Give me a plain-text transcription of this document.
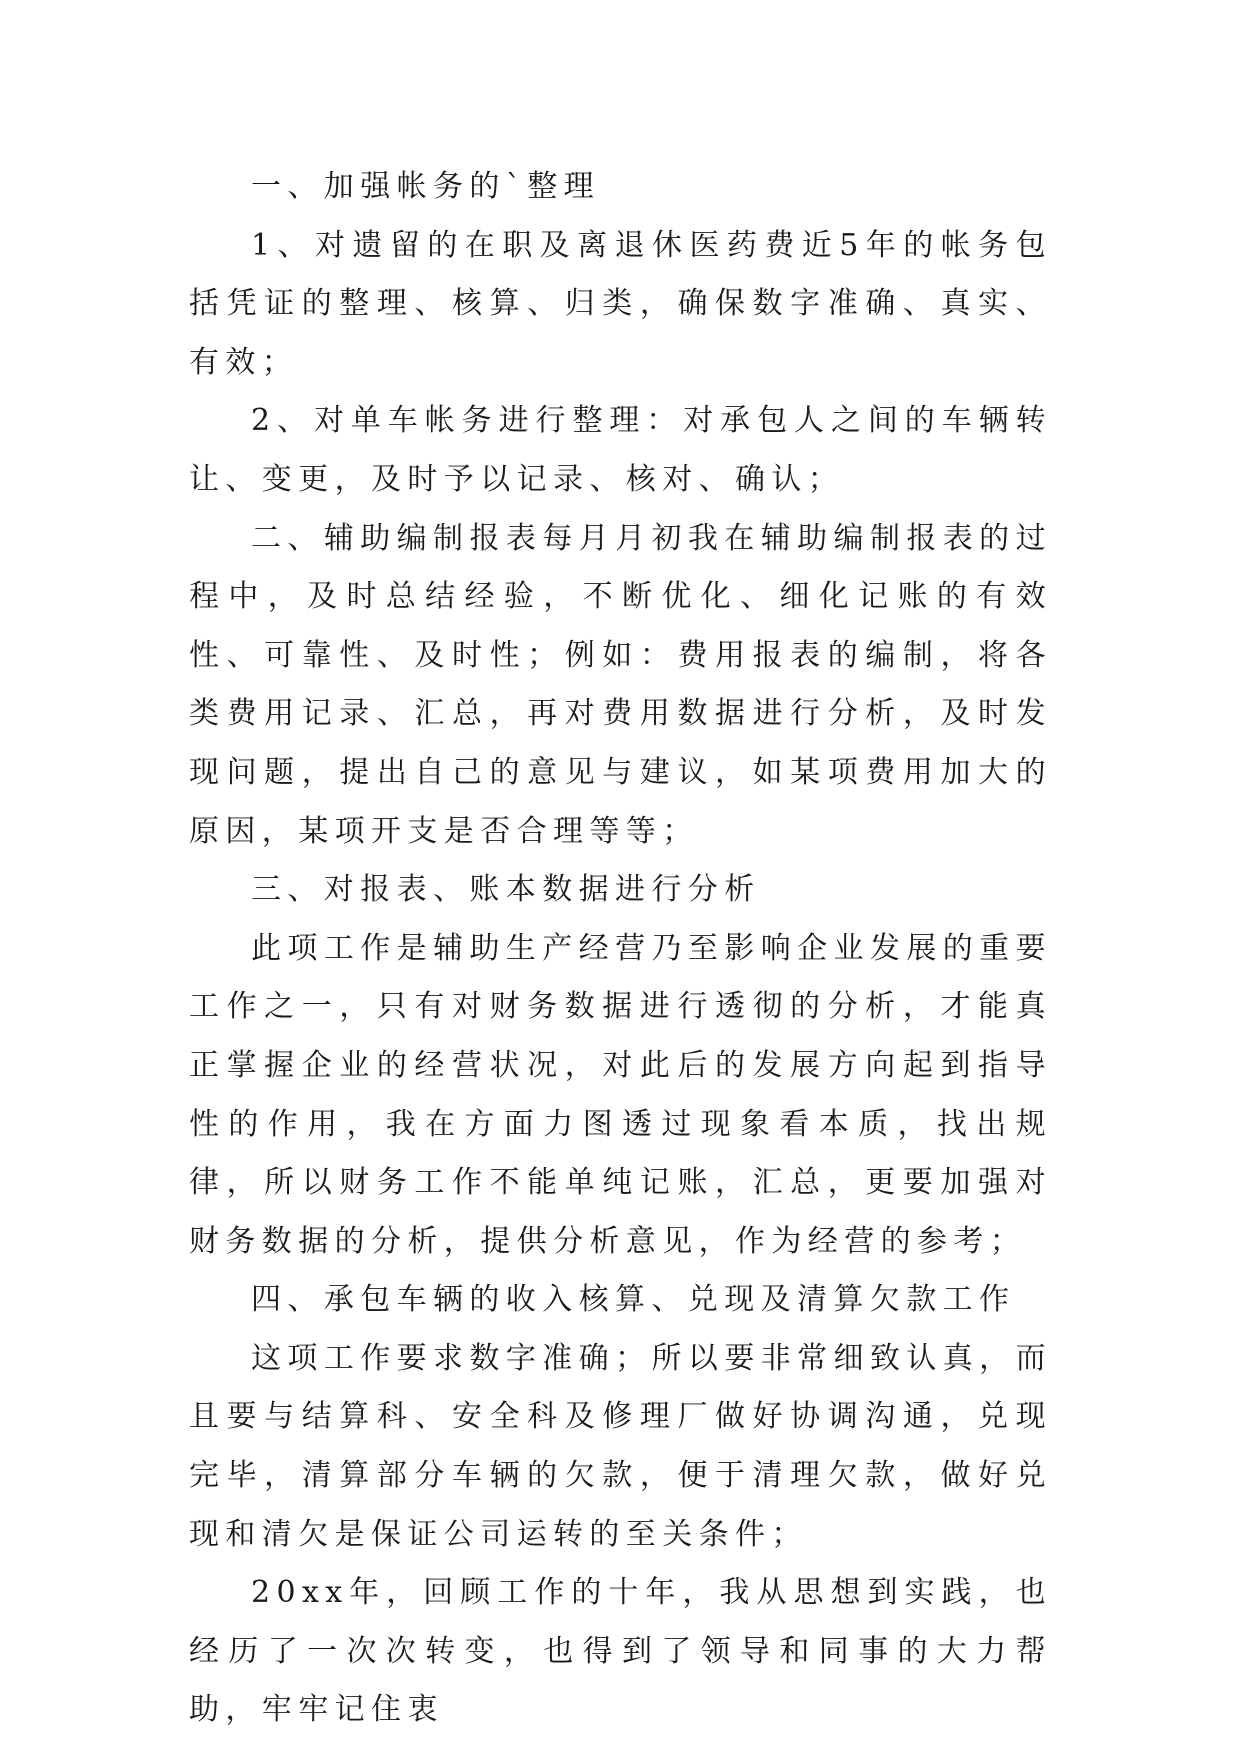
一、加强帐务的`整理

1、对遗留的在职及离退休医药费近5年的帐务包括凭证的整理、核算、归类，确保数字准确、真实、有效；

2、对单车帐务进行整理：对承包人之间的车辆转让、变更，及时予以记录、核对、确认；

二、辅助编制报表每月月初我在辅助编制报表的过程中，及时总结经验，不断优化、细化记账的有效性、可靠性、及时性；例如：费用报表的编制，将各类费用记录、汇总，再对费用数据进行分析，及时发现问题，提出自己的意见与建议，如某项费用加大的原因，某项开支是否合理等等；

三、对报表、账本数据进行分析

此项工作是辅助生产经营乃至影响企业发展的重要工作之一，只有对财务数据进行透彻的分析，才能真正掌握企业的经营状况，对此后的发展方向起到指导性的作用，我在方面力图透过现象看本质，找出规律，所以财务工作不能单纯记账，汇总，更要加强对财务数据的分析，提供分析意见，作为经营的参考；

四、承包车辆的收入核算、兑现及清算欠款工作

这项工作要求数字准确；所以要非常细致认真，而且要与结算科、安全科及修理厂做好协调沟通，兑现完毕，清算部分车辆的欠款，便于清理欠款，做好兑现和清欠是保证公司运转的至关条件；

20xx年，回顾工作的十年，我从思想到实践，也经历了一次次转变，也得到了领导和同事的大力帮助，牢牢记住衷
